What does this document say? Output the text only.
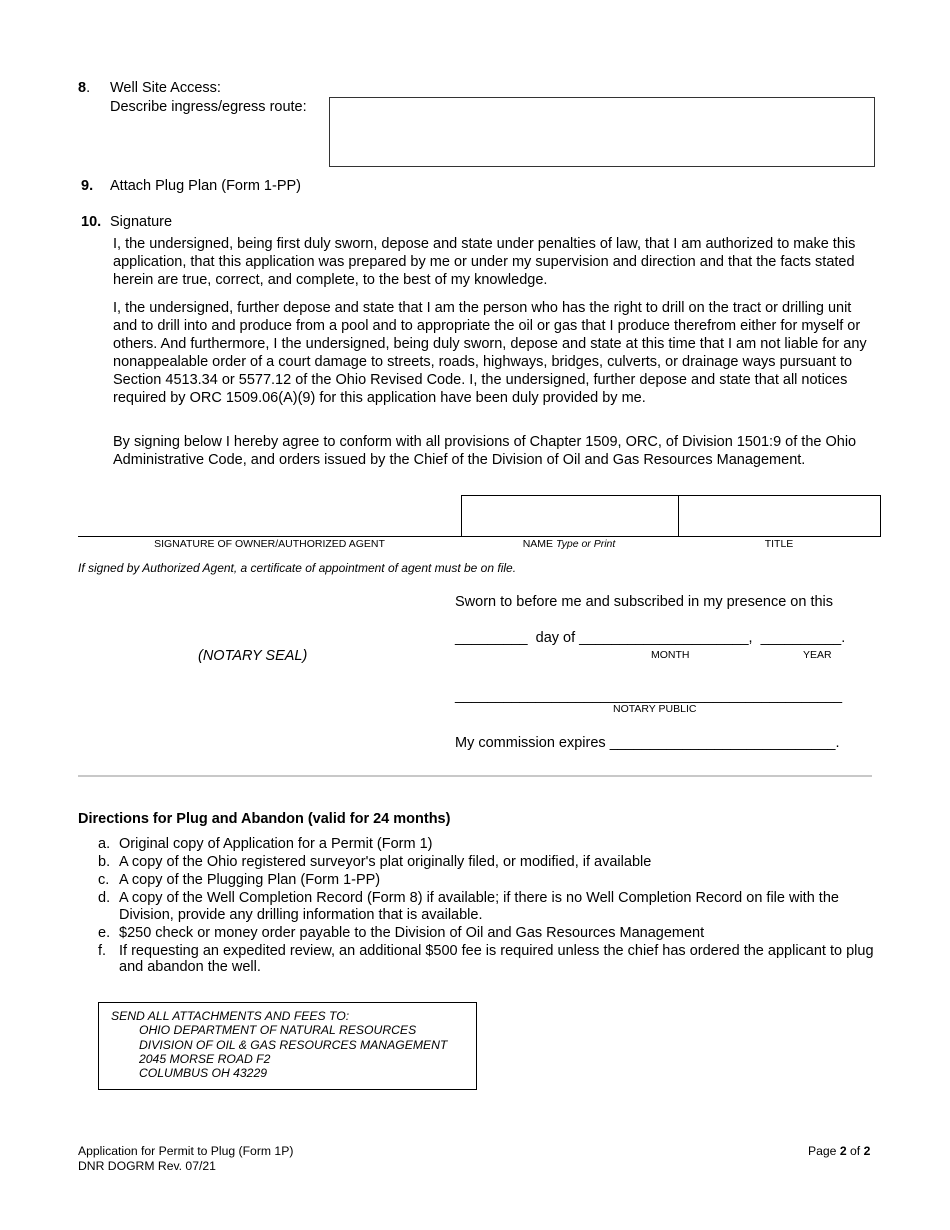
8. Well Site Access:
Describe ingress/egress route:
9. Attach Plug Plan (Form 1-PP)
10. Signature
I, the undersigned, being first duly sworn, depose and state under penalties of law, that I am authorized to make this application, that this application was prepared by me or under my supervision and direction and that the facts stated herein are true, correct, and complete, to the best of my knowledge.
I, the undersigned, further depose and state that I am the person who has the right to drill on the tract or drilling unit and to drill into and produce from a pool and to appropriate the oil or gas that I produce therefrom either for myself or others. And furthermore, I the undersigned, being duly sworn, depose and state at this time that I am not liable for any nonappealable order of a court damage to streets, roads, highways, bridges, culverts, or drainage ways pursuant to Section 4513.34 or 5577.12 of the Ohio Revised Code. I, the undersigned, further depose and state that all notices required by ORC 1509.06(A)(9) for this application have been duly provided by me.
By signing below I hereby agree to conform with all provisions of Chapter 1509, ORC, of Division 1501:9 of the Ohio Administrative Code, and orders issued by the Chief of the Division of Oil and Gas Resources Management.
SIGNATURE OF OWNER/AUTHORIZED AGENT	NAME Type or Print	TITLE
If signed by Authorized Agent, a certificate of appointment of agent must be on file.
Sworn to before me and subscribed in my presence on this
(NOTARY SEAL)
_________  day of _____________________,  __________.
MONTH	YEAR
________________________________________________
NOTARY PUBLIC
My commission expires ____________________________.
Directions for Plug and Abandon (valid for 24 months)
a. Original copy of Application for a Permit (Form 1)
b. A copy of the Ohio registered surveyor's plat originally filed, or modified, if available
c. A copy of the Plugging Plan (Form 1-PP)
d. A copy of the Well Completion Record (Form 8) if available; if there is no Well Completion Record on file with the Division, provide any drilling information that is available.
e. $250 check or money order payable to the Division of Oil and Gas Resources Management
f. If requesting an expedited review, an additional $500 fee is required unless the chief has ordered the applicant to plug and abandon the well.
SEND ALL ATTACHMENTS AND FEES TO:
OHIO DEPARTMENT OF NATURAL RESOURCES
DIVISION OF OIL & GAS RESOURCES MANAGEMENT
2045 MORSE ROAD F2
COLUMBUS OH 43229
Application for Permit to Plug (Form 1P)
DNR DOGRM Rev. 07/21
Page 2 of 2
